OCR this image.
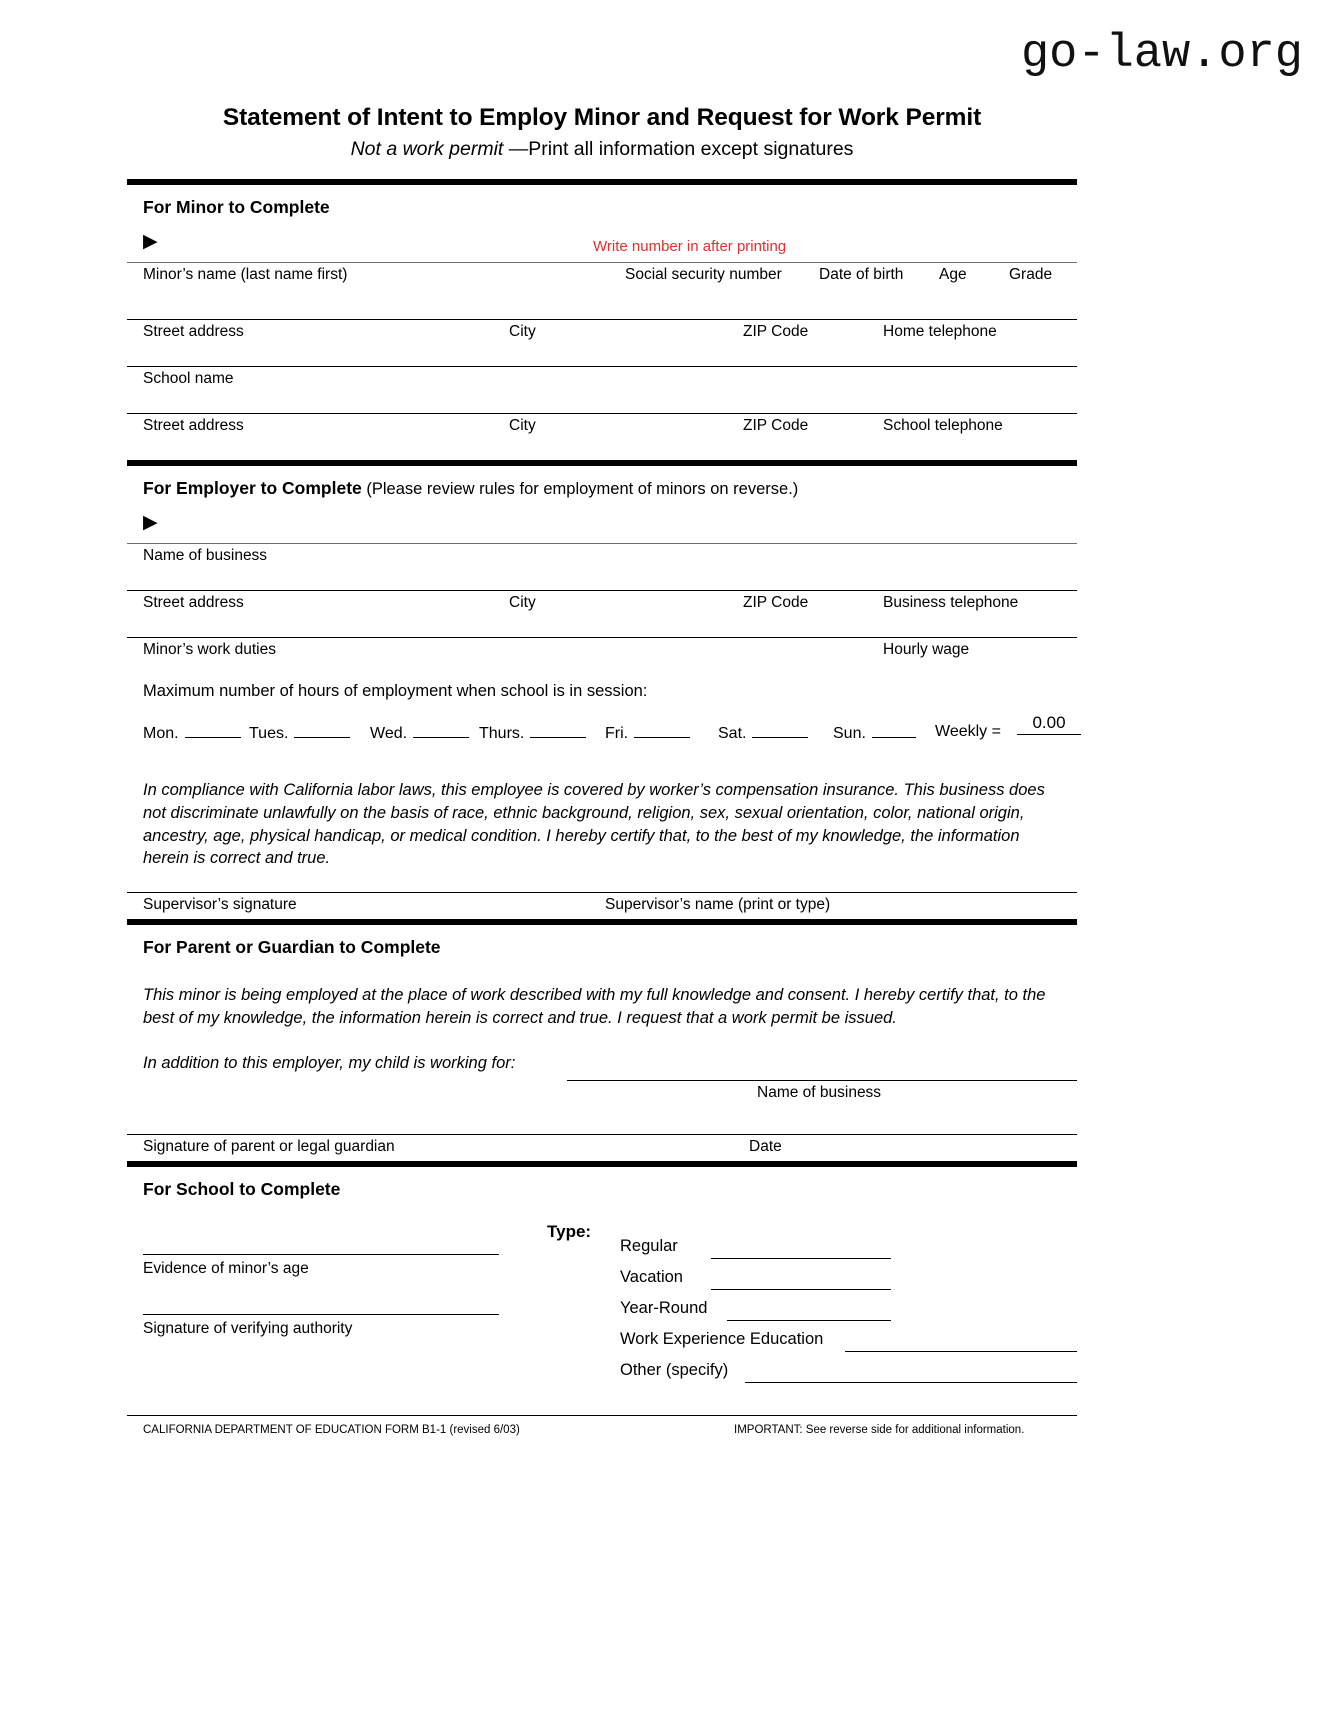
go-law.org
Statement of Intent to Employ Minor and Request for Work Permit
Not a work permit —Print all information except signatures
For Minor to Complete
▶	Write number in after printing
Minor’s name (last name first)	Social security number Date of birth Age	Grade
Street address	City	ZIP Code	Home telephone
School name
Street address	City	ZIP Code	School telephone
For Employer to Complete (Please review rules for employment of minors on reverse.)
▶
Name of business
Street address	City	ZIP Code	Business telephone
Minor’s work duties	Hourly wage
Maximum number of hours of employment when school is in session:
Mon.	Tues.	Wed.	Thurs.	Fri.	Sat.	Sun.	Weekly =	0.00
In compliance with California labor laws, this employee is covered by worker’s compensation insurance. This business does not discriminate unlawfully on the basis of race, ethnic background, religion, sex, sexual orientation, color, national origin, ancestry, age, physical handicap, or medical condition. I hereby certify that, to the best of my knowledge, the information herein is correct and true.
Supervisor’s signature	Supervisor’s name (print or type)
For Parent or Guardian to Complete
This minor is being employed at the place of work described with my full knowledge and consent. I hereby certify that, to the best of my knowledge, the information herein is correct and true. I request that a work permit be issued.
In addition to this employer, my child is working for:
Name of business
Signature of parent or legal guardian	Date
For School to Complete
Evidence of minor’s age
Signature of verifying authority
Type:
Regular
Vacation
Year-Round
Work Experience Education
Other (specify)
CALIFORNIA DEPARTMENT OF EDUCATION FORM B1-1 (revised 6/03)	IMPORTANT: See reverse side for additional information.
